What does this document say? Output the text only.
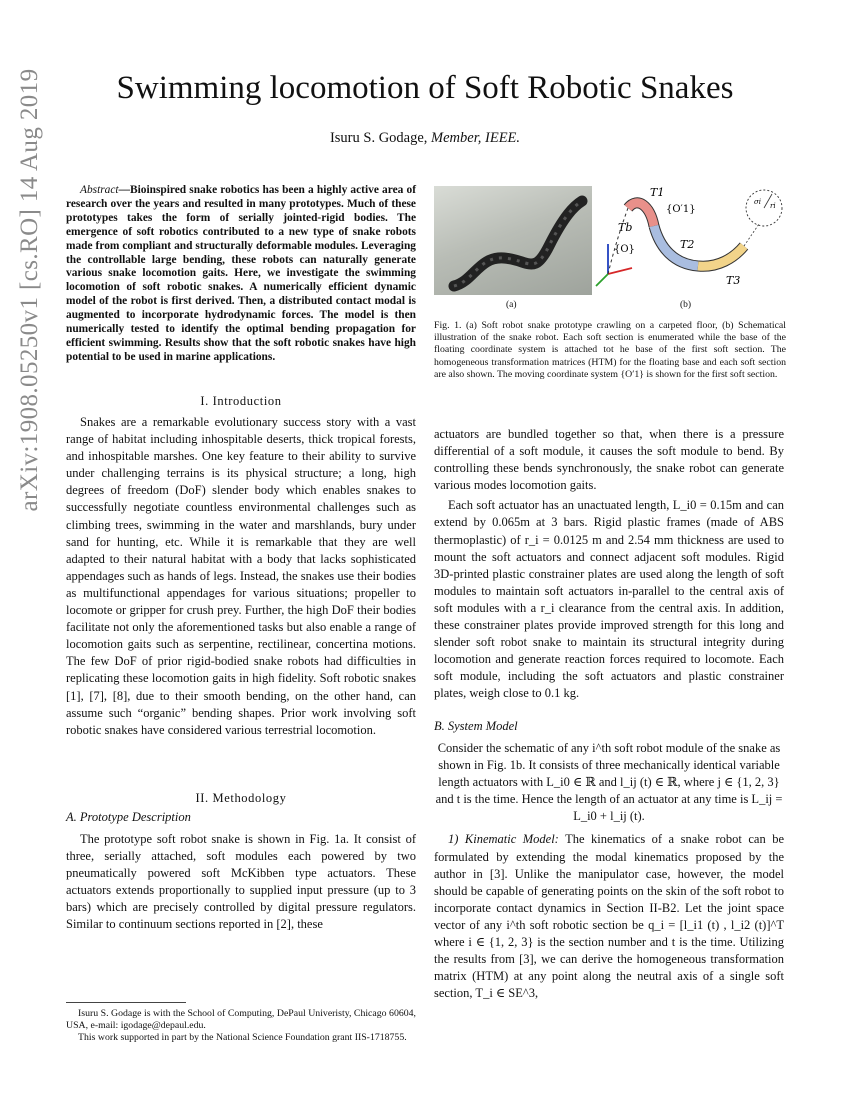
arXiv:1908.05250v1 [cs.RO] 14 Aug 2019	Swimming locomotion of Soft Robotic Snakes
Isuru S. Godage, Member, IEEE.
Abstract—Bioinspired snake robotics has been a highly active area of research over the years and resulted in many prototypes. Much of these prototypes takes the form of serially jointed-rigid bodies. The emergence of soft robotics contributed to a new type of snake robots made from compliant and structurally deformable modules. Leveraging the controllable large bending, these robots can naturally generate various snake locomotion gaits. Here, we investigate the swimming locomotion of soft robotic snakes. A numerically efficient dynamic model of the robot is first derived. Then, a distributed contact modal is augmented to incorporate hydrodynamic forces. The model is then numerically tested to identify the optimal bending propagation for efficient swimming. Results show that the soft robotic snakes have high potential to be used in marine applications.
I. Introduction

Snakes are a remarkable evolutionary success story with a vast range of habitat including inhospitable deserts, thick tropical forests, and inhospitable marshes. One key feature to their ability to survive under challenging terrains is its physical structure; a long, high degrees of freedom (DoF) slender body which enables snakes to successfully negotiate countless environmental challenges such as climbing trees, swimming in the water and marshlands, bury under sand for hunting, etc. While it is remarkable that they are well adapted to their natural habitat with a body that lacks sophisticated appendages such as hands of legs. Instead, the snakes use their bodies as multifunctional appendages for various situations; propeller to locomote or gripper for crush prey. Further, the high DoF their bodies facilitate not only the aforementioned tasks but also enable a range of locomotion gaits such as serpentine, rectilinear, concertina motions. The few DoF of prior rigid-bodied snake robots had difficulties in replicating these locomotion gaits in high fidelity. Soft robotic snakes [1], [7], [8], due to their smooth bending, on the other hand, can assume such “organic” bending shapes. Prior work involving soft robotic snakes have considered various terrestrial locomotion.

II. Methodology
A. Prototype Description

The prototype soft robot snake is shown in Fig. 1a. It consist of three, serially attached, soft modules each powered by two pneumatically powered soft McKibben type actuators. These actuators extends proportionally to supplied input pressure (up to 3 bars) which are precisely controlled by digital pressure regulators. Similar to continuum sections reported in [2], these

Isuru S. Godage is with the School of Computing, DePaul Univeristy, Chicago 60604, USA, e-mail: igodage@depaul.edu.

This work supported in part by the National Science Foundation grant IIS-1718755.

(a)
T1
{O′1}
Tb
{O}	T2
T3
σi ri
(b)
Fig. 1. (a) Soft robot snake prototype crawling on a carpeted floor, (b) Schematical illustration of the snake robot. Each soft section is enumerated while the base of the floating coordinate system is attached tot he base of the first soft section. The homogeneous transformation matrices (HTM) for the floating base and each soft section are also shown. The moving coordinate system {O′1} is shown for the first soft section.

actuators are bundled together so that, when there is a pressure differential of a soft module, it causes the soft module to bend. By controlling these bends synchronously, the snake robot can generate various modes locomotion gaits.

Each soft actuator has an unactuated length, L_i0 = 0.15m and can extend by 0.065m at 3 bars. Rigid plastic frames (made of ABS thermoplastic) of r_i = 0.0125 m and 2.54 mm thickness are used to mount the soft actuators and connect adjacent soft modules. Rigid 3D-printed plastic constrainer plates are used along the length of soft modules to maintain soft actuators in-parallel to the central axis of soft modules with a r_i clearance from the central axis. In addition, these constrainer plates provide improved strength for this long and slender soft robot snake to maintain its structural integrity during locomotion and generate reaction forces required to locomote. Each soft module, including the soft actuators and plastic constrainer plates, weigh close to 0.1 kg.

B. System Model

Consider the schematic of any i^th soft robot module of the snake as shown in Fig. 1b. It consists of three mechanically identical variable length actuators with L_i0 ∈ ℝ and l_ij (t) ∈ ℝ, where j ∈ {1, 2, 3} and t is the time. Hence the length of an actuator at any time is L_ij = L_i0 + l_ij (t).

1) Kinematic Model: The kinematics of a snake robot can be formulated by extending the modal kinematics proposed by the author in [3]. Unlike the manipulator case, however, the model should be capable of generating points on the skin of the soft robot to incorporate contact dynamics in Section II-B2. Let the joint space vector of any i^th soft robotic section be q_i = [l_i1 (t) , l_i2 (t)]^T where i ∈ {1, 2, 3} is the section number and t is the time. Utilizing the results from [3], we can derive the homogeneous transformation matrix (HTM) at any point along the neutral axis of a single soft section, T_i ∈ SE^3,
